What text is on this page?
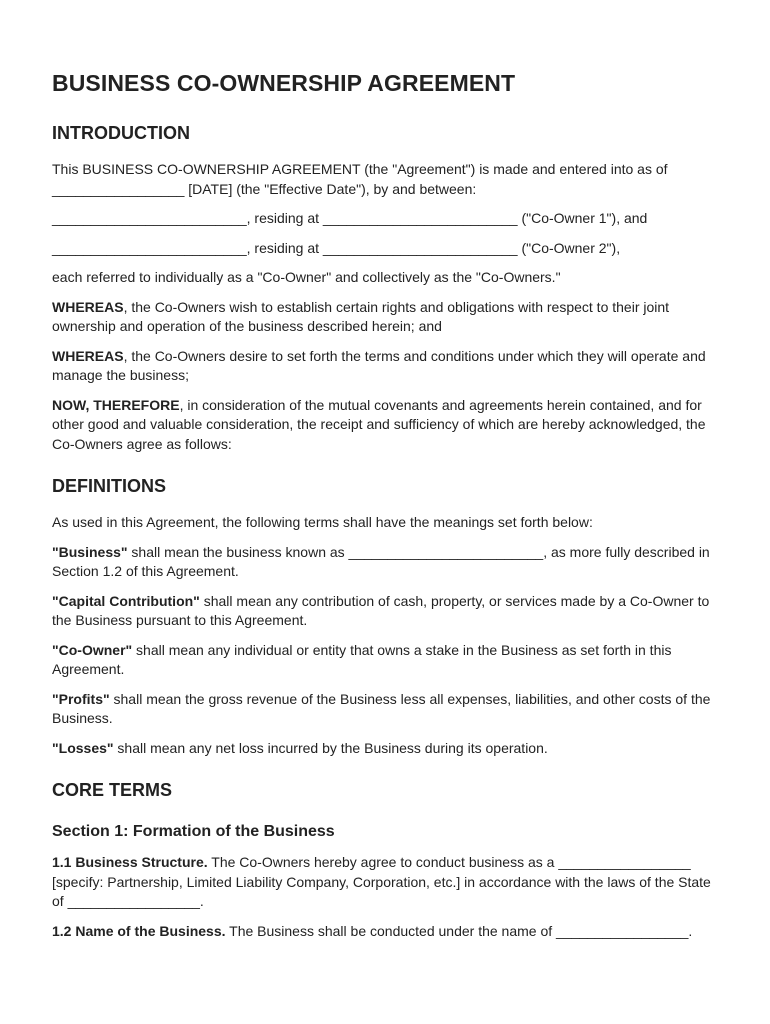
BUSINESS CO-OWNERSHIP AGREEMENT
INTRODUCTION

This BUSINESS CO-OWNERSHIP AGREEMENT (the "Agreement") is made and entered into as of _________________ [DATE] (the "Effective Date"), by and between:

_________________________, residing at _________________________ ("Co-Owner 1"), and

_________________________, residing at _________________________ ("Co-Owner 2"),

each referred to individually as a "Co-Owner" and collectively as the "Co-Owners."

WHEREAS, the Co-Owners wish to establish certain rights and obligations with respect to their joint ownership and operation of the business described herein; and

WHEREAS, the Co-Owners desire to set forth the terms and conditions under which they will operate and manage the business;

NOW, THEREFORE, in consideration of the mutual covenants and agreements herein contained, and for other good and valuable consideration, the receipt and sufficiency of which are hereby acknowledged, the Co-Owners agree as follows:

DEFINITIONS

As used in this Agreement, the following terms shall have the meanings set forth below:

"Business" shall mean the business known as _________________________, as more fully described in Section 1.2 of this Agreement.

"Capital Contribution" shall mean any contribution of cash, property, or services made by a Co-Owner to the Business pursuant to this Agreement.

"Co-Owner" shall mean any individual or entity that owns a stake in the Business as set forth in this Agreement.

"Profits" shall mean the gross revenue of the Business less all expenses, liabilities, and other costs of the Business.

"Losses" shall mean any net loss incurred by the Business during its operation.

CORE TERMS
Section 1: Formation of the Business

1.1 Business Structure. The Co-Owners hereby agree to conduct business as a _________________ [specify: Partnership, Limited Liability Company, Corporation, etc.] in accordance with the laws of the State of _________________.

1.2 Name of the Business. The Business shall be conducted under the name of _________________.
